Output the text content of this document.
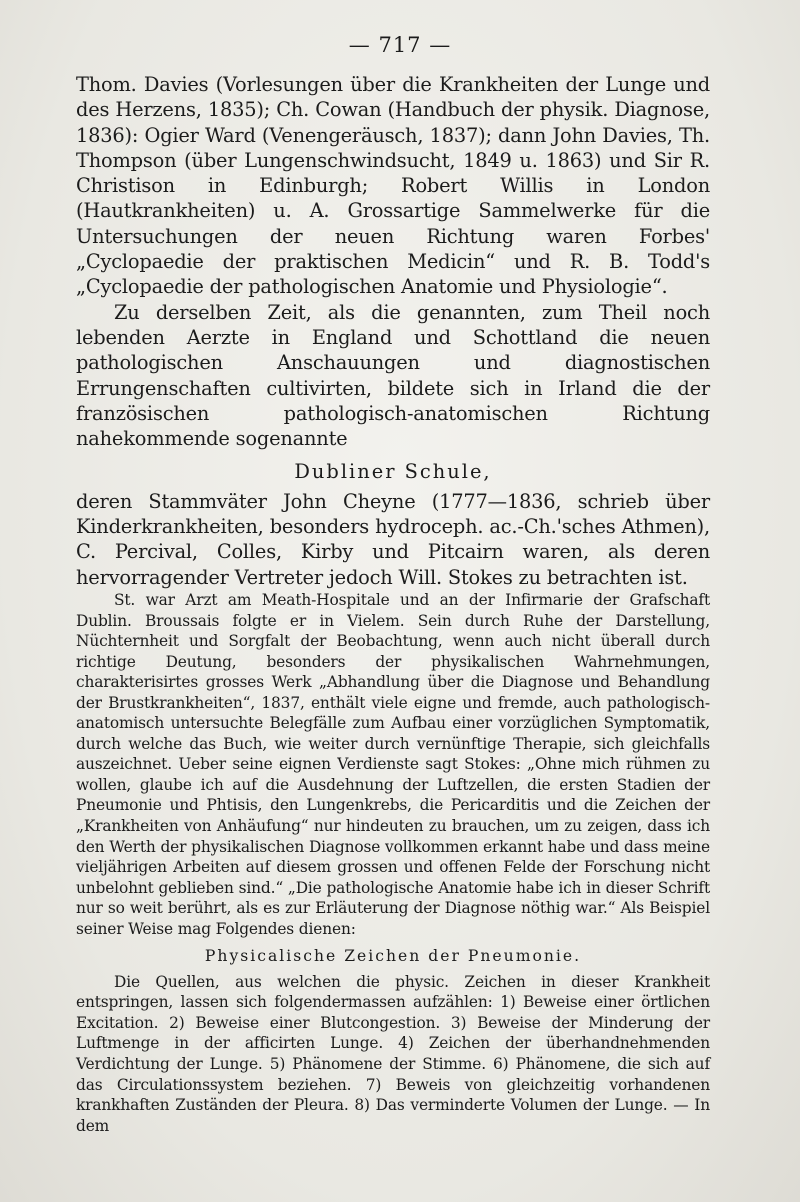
— 717 —

Thom. Davies (Vorlesungen über die Krankheiten der Lunge und des Herzens, 1835); Ch. Cowan (Handbuch der physik. Diagnose, 1836): Ogier Ward (Venengeräusch, 1837); dann John Davies, Th. Thompson (über Lungenschwindsucht, 1849 u. 1863) und Sir R. Christison in Edinburgh; Robert Willis in London (Hautkrankheiten) u. A. Grossartige Sammelwerke für die Untersuchungen der neuen Richtung waren Forbes' „Cyclopaedie der praktischen Medicin“ und R. B. Todd's „Cyclopaedie der pathologischen Anatomie und Physiologie“.

Zu derselben Zeit, als die genannten, zum Theil noch lebenden Aerzte in England und Schottland die neuen pathologischen Anschauungen und diagnostischen Errungenschaften cultivirten, bildete sich in Irland die der französischen pathologisch-anatomischen Richtung nahekommende sogenannte

Dubliner Schule,

deren Stammväter John Cheyne (1777—1836, schrieb über Kinderkrankheiten, besonders hydroceph. ac.-Ch.'sches Athmen), C. Percival, Colles, Kirby und Pitcairn waren, als deren hervorragender Vertreter jedoch Will. Stokes zu betrachten ist.

St. war Arzt am Meath-Hospitale und an der Infirmarie der Grafschaft Dublin. Broussais folgte er in Vielem. Sein durch Ruhe der Darstellung, Nüchternheit und Sorgfalt der Beobachtung, wenn auch nicht überall durch richtige Deutung, besonders der physikalischen Wahrnehmungen, charakterisirtes grosses Werk „Abhandlung über die Diagnose und Behandlung der Brustkrankheiten“, 1837, enthält viele eigne und fremde, auch pathologisch-anatomisch untersuchte Belegfälle zum Aufbau einer vorzüglichen Symptomatik, durch welche das Buch, wie weiter durch vernünftige Therapie, sich gleichfalls auszeichnet. Ueber seine eignen Verdienste sagt Stokes: „Ohne mich rühmen zu wollen, glaube ich auf die Ausdehnung der Luftzellen, die ersten Stadien der Pneumonie und Phtisis, den Lungenkrebs, die Pericarditis und die Zeichen der „Krankheiten von Anhäufung“ nur hindeuten zu brauchen, um zu zeigen, dass ich den Werth der physikalischen Diagnose vollkommen erkannt habe und dass meine vieljährigen Arbeiten auf diesem grossen und offenen Felde der Forschung nicht unbelohnt geblieben sind.“ „Die pathologische Anatomie habe ich in dieser Schrift nur so weit berührt, als es zur Erläuterung der Diagnose nöthig war.“ Als Beispiel seiner Weise mag Folgendes dienen:

Physicalische Zeichen der Pneumonie.

Die Quellen, aus welchen die physic. Zeichen in dieser Krankheit entspringen, lassen sich folgendermassen aufzählen: 1) Beweise einer örtlichen Excitation. 2) Beweise einer Blutcongestion. 3) Beweise der Minderung der Luftmenge in der afficirten Lunge. 4) Zeichen der überhandnehmenden Verdichtung der Lunge. 5) Phänomene der Stimme. 6) Phänomene, die sich auf das Circulationssystem beziehen. 7) Beweis von gleichzeitig vorhandenen krankhaften Zuständen der Pleura. 8) Das verminderte Volumen der Lunge. — In dem
